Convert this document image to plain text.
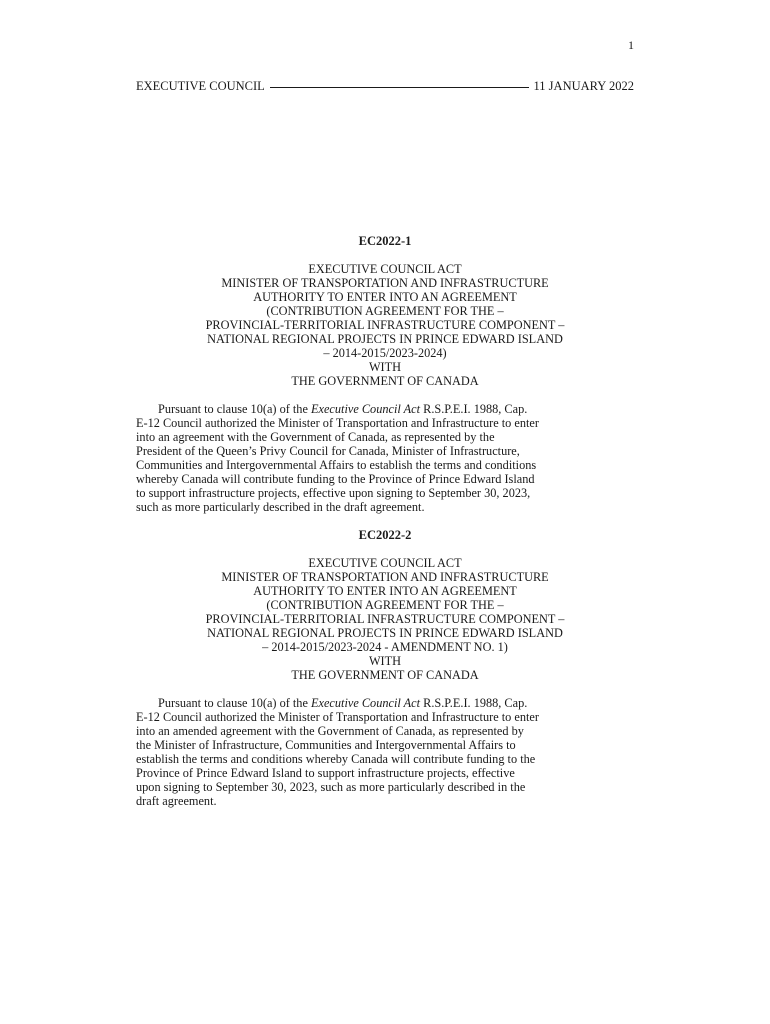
1
EXECUTIVE COUNCIL	11 JANUARY 2022
EC2022-1
EXECUTIVE COUNCIL ACT
MINISTER OF TRANSPORTATION AND INFRASTRUCTURE
AUTHORITY TO ENTER INTO AN AGREEMENT
(CONTRIBUTION AGREEMENT FOR THE –
PROVINCIAL-TERRITORIAL INFRASTRUCTURE COMPONENT –
NATIONAL REGIONAL PROJECTS IN PRINCE EDWARD ISLAND
– 2014-2015/2023-2024)
WITH
THE GOVERNMENT OF CANADA
Pursuant to clause 10(a) of the Executive Council Act R.S.P.E.I. 1988, Cap.
E-12 Council authorized the Minister of Transportation and Infrastructure to enter
into an agreement with the Government of Canada, as represented by the
President of the Queen’s Privy Council for Canada, Minister of Infrastructure,
Communities and Intergovernmental Affairs to establish the terms and conditions
whereby Canada will contribute funding to the Province of Prince Edward Island
to support infrastructure projects, effective upon signing to September 30, 2023,
such as more particularly described in the draft agreement.
EC2022-2
EXECUTIVE COUNCIL ACT
MINISTER OF TRANSPORTATION AND INFRASTRUCTURE
AUTHORITY TO ENTER INTO AN AGREEMENT
(CONTRIBUTION AGREEMENT FOR THE –
PROVINCIAL-TERRITORIAL INFRASTRUCTURE COMPONENT –
NATIONAL REGIONAL PROJECTS IN PRINCE EDWARD ISLAND
– 2014-2015/2023-2024 - AMENDMENT NO. 1)
WITH
THE GOVERNMENT OF CANADA
Pursuant to clause 10(a) of the Executive Council Act R.S.P.E.I. 1988, Cap.
E-12 Council authorized the Minister of Transportation and Infrastructure to enter
into an amended agreement with the Government of Canada, as represented by
the Minister of Infrastructure, Communities and Intergovernmental Affairs to
establish the terms and conditions whereby Canada will contribute funding to the
Province of Prince Edward Island to support infrastructure projects, effective
upon signing to September 30, 2023, such as more particularly described in the
draft agreement.
